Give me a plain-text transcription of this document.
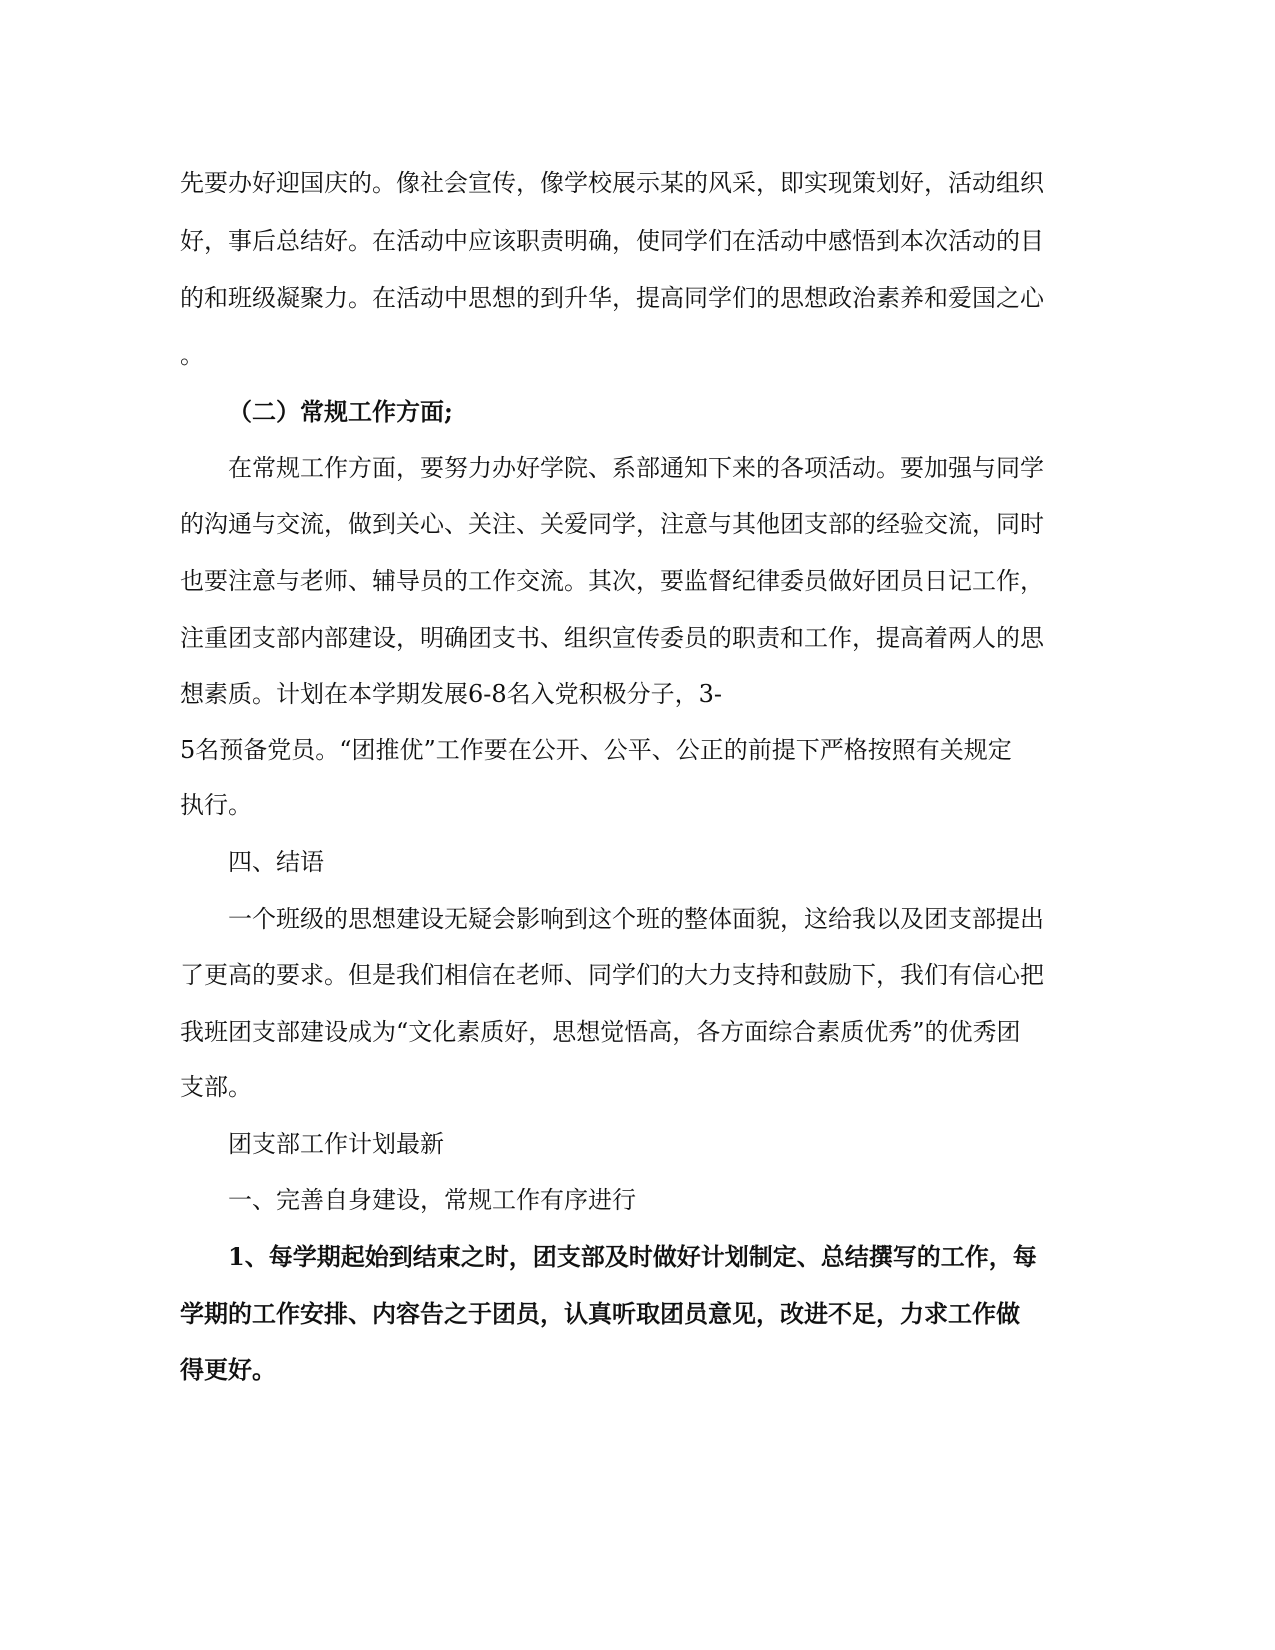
先要办好迎国庆的。像社会宣传，像学校展示某的风采，即实现策划好，活动组织
好，事后总结好。在活动中应该职责明确，使同学们在活动中感悟到本次活动的目
的和班级凝聚力。在活动中思想的到升华，提高同学们的思想政治素养和爱国之心
。
（二）常规工作方面;
在常规工作方面，要努力办好学院、系部通知下来的各项活动。要加强与同学
的沟通与交流，做到关心、关注、关爱同学，注意与其他团支部的经验交流，同时
也要注意与老师、辅导员的工作交流。其次，要监督纪律委员做好团员日记工作，
注重团支部内部建设，明确团支书、组织宣传委员的职责和工作，提高着两人的思
想素质。计划在本学期发展6-8名入党积极分子，3-
5名预备党员。“团推优”工作要在公开、公平、公正的前提下严格按照有关规定
执行。
四、结语
一个班级的思想建设无疑会影响到这个班的整体面貌，这给我以及团支部提出
了更高的要求。但是我们相信在老师、同学们的大力支持和鼓励下，我们有信心把
我班团支部建设成为“文化素质好，思想觉悟高，各方面综合素质优秀”的优秀团
支部。
团支部工作计划最新
一、完善自身建设，常规工作有序进行
1、每学期起始到结束之时，团支部及时做好计划制定、总结撰写的工作，每
学期的工作安排、内容告之于团员，认真听取团员意见，改进不足，力求工作做
得更好。
